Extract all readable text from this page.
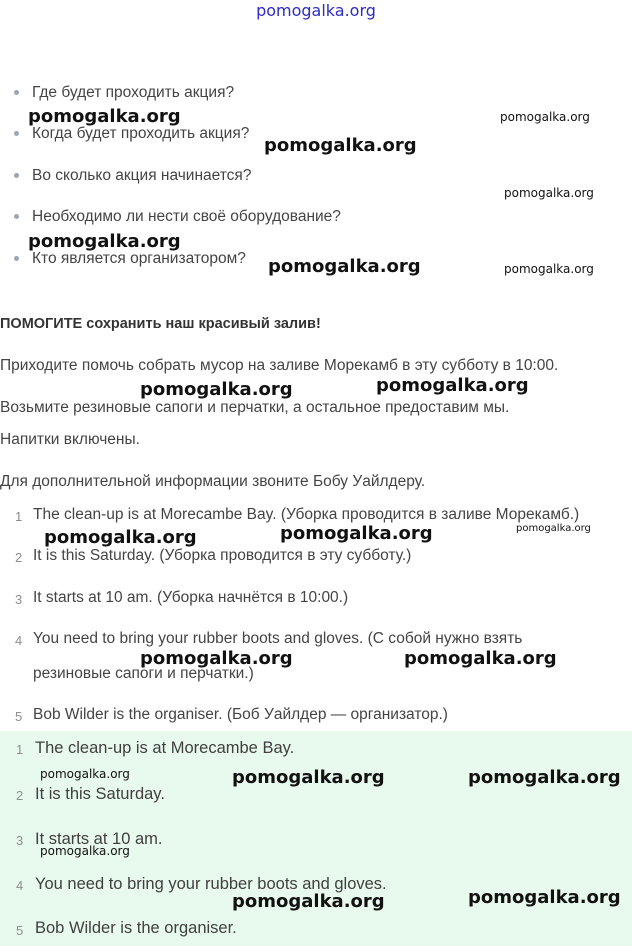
pomogalka.org
Где будет проходить акция?
Когда будет проходить акция?
Во сколько акция начинается?
Необходимо ли нести своё оборудование?
Кто является организатором?
ПОМОГИТЕ сохранить наш красивый залив!
Приходите помочь собрать мусор на заливе Морекамб в эту субботу в 10:00.
Возьмите резиновые сапоги и перчатки, а остальное предоставим мы.
Напитки включены.
Для дополнительной информации звоните Бобу Уайлдеру.
1 The clean-up is at Morecambe Bay. (Уборка проводится в заливе Морекамб.)
2 It is this Saturday. (Уборка проводится в эту субботу.)
3 It starts at 10 am. (Уборка начнётся в 10:00.)
4 You need to bring your rubber boots and gloves. (С собой нужно взять
резиновые сапоги и перчатки.)
5 Bob Wilder is the organiser. (Боб Уайлдер — организатор.)
1 The clean-up is at Morecambe Bay.
2 It is this Saturday.
3 It starts at 10 am.
4 You need to bring your rubber boots and gloves.
5 Bob Wilder is the organiser.
pomogalka.org	pomogalka.org
pomogalka.org
pomogalka.org
pomogalka.org
pomogalka.org	pomogalka.org
pomogalka.org	pomogalka.org
pomogalka.org	pomogalka.org	pomogalka.org
pomogalka.org	pomogalka.org
pomogalka.org	pomogalka.org	pomogalka.org
pomogalka.org
pomogalka.org	pomogalka.org
